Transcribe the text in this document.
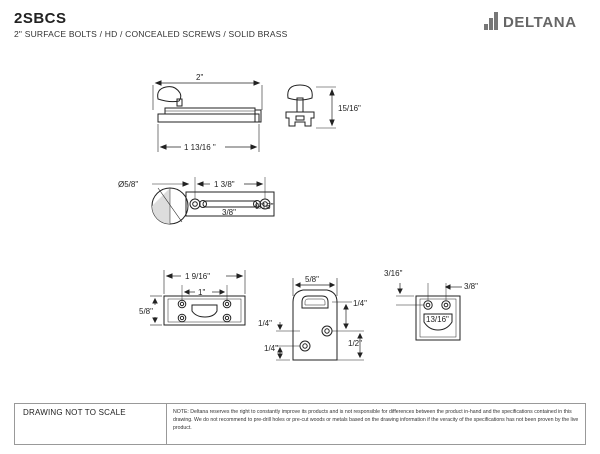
2SBCS
2" SURFACE BOLTS / HD / CONCEALED SCREWS / SOLID BRASS
DELTANA
2"
1 13/16 "
15/16"
Ø5/8"	1 3/8"
3/8"
9/16"
1 9/16"
1"
5/8"
5/8"
1/4"
1/4"
1/4"
1/2"
3/16"
3/8"
13/16"
DRAWING NOT TO SCALE	NOTE: Deltana reserves the right to constantly improve its products and is not responsible for differences between the product in-hand and the specifications contained in this drawing. We do not recommend to pre-drill holes or pre-cut woods or metals based on the drawing information if the veracity of the specifications has not been proven by the live product.
